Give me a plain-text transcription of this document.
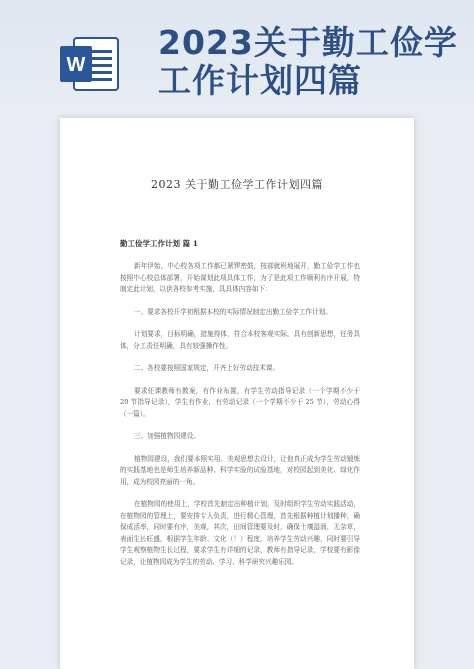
W
2023关于勤工俭学工作计划四篇
2023 关于勤工俭学工作计划四篇
勤工俭学工作计划 篇 1

新年伊始，中心校各项工作都已紧锣密鼓，按部就班地展开，勤工俭学工作也按照中心校总体部署，开始谋划此项具体工作，为了是此项工作顺利有序开展，特制定此计划，以供各校参考实施，具具体内容如下：

一、要求各校开学初根据本校的实际情况制定出勤工俭学工作计划。

计划要求，目标明确，措施得体，符合本校客观实际，具有创新思想，任务具体，分工责任明确，具有较强操作性。

二、各校要按照国家规定，开齐上好劳动技术课。

要求任课教师有教案，有作业布置，有学生劳动指导记录（一个学期不少于 20 节指导记录），学生有作业，有劳动记录（一个学期不少于 25 节），劳动心得（一篇）。

三、加强植物园建设。

植物园建设，我们要本照实用、美观思想去设计，让他真正成为学生劳动锻炼的实践基地也是师生培养新品种、科学实验的试验基地，对校园起到美化、绿化作用，成为校园亮丽的一角。

在植物园的使用上，学校首先制定出种植计划，及时组织学生劳动实践活动，在植物园的管理上，要安排专人负责，进行精心管理，首先根据种植计划播种，确保成活率，同时要有序，美观，其次，田间管理要及时，确保土壤湿润，无杂草，表面生长旺盛，根据学生年龄、文化（！）程度，培养学生劳动兴趣，同时要引导学生观察植物生长过程，要求学生有详细的记录，教师有指导记录，学校要有影像记录，让植物园成为学生的劳动、学习、科学研究兴趣乐园。
